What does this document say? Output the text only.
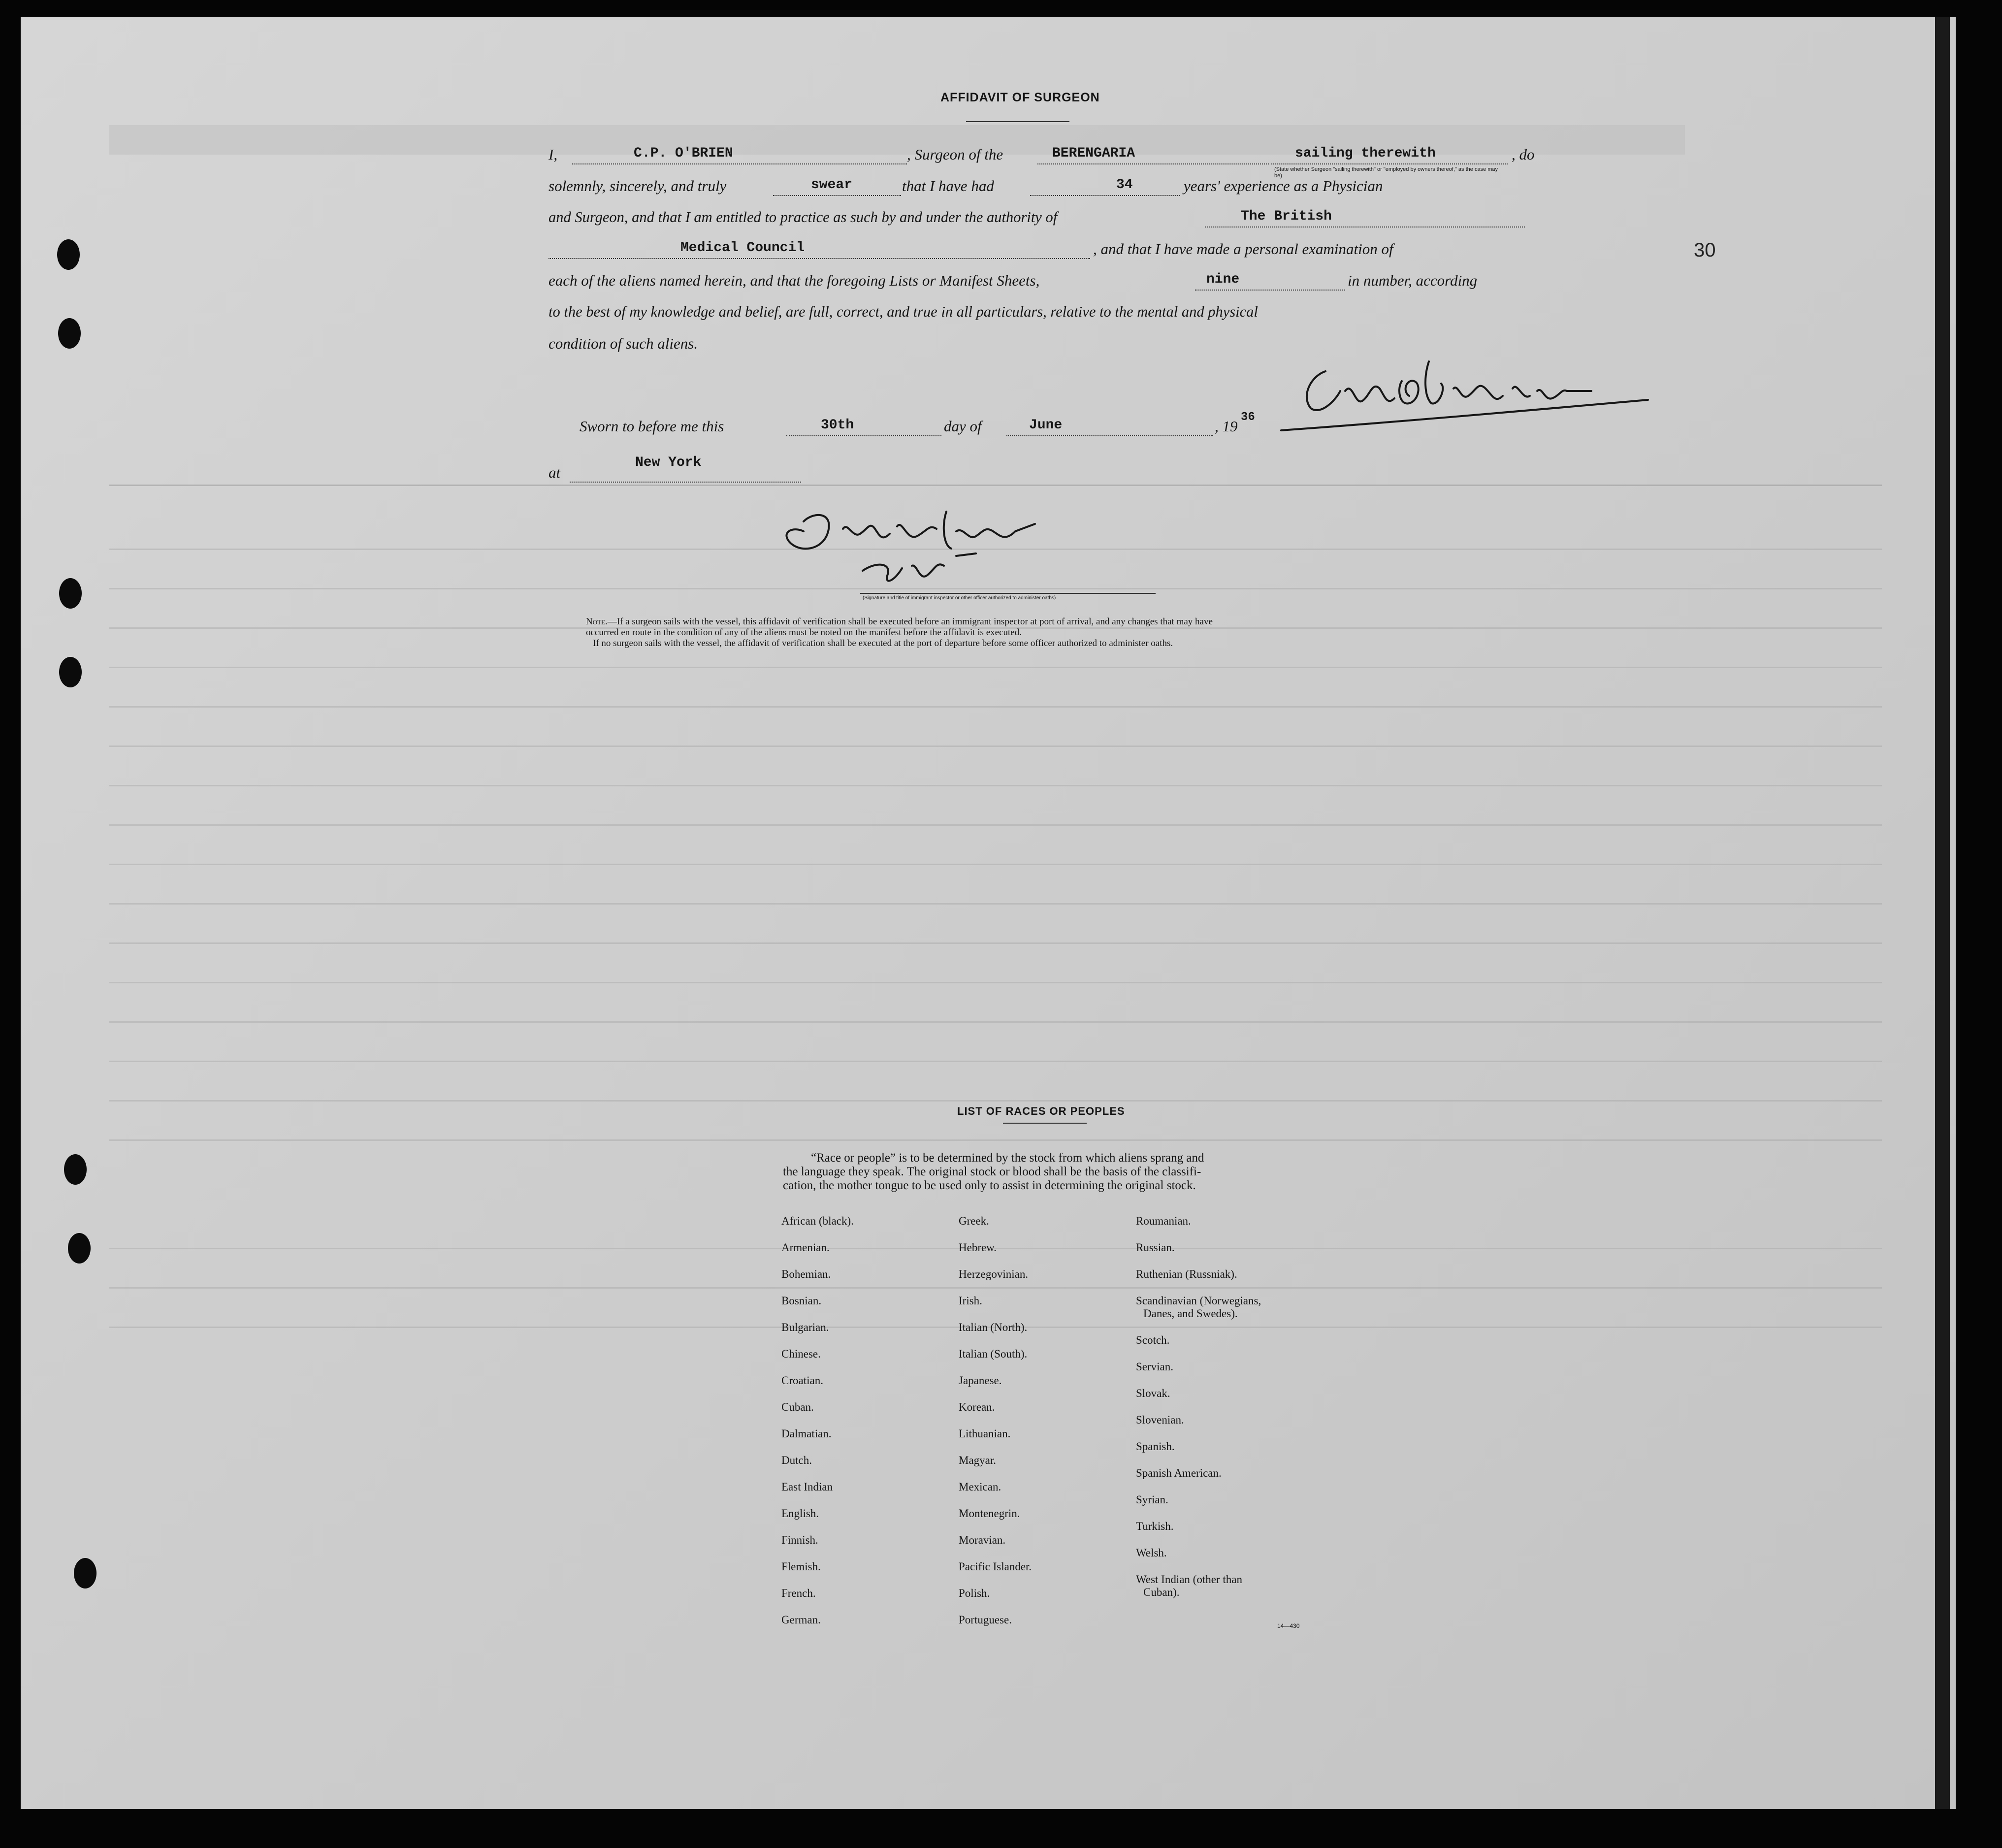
30
AFFIDAVIT OF SURGEON
I,	C.P. O'BRIEN	, Surgeon of the	BERENGARIA	sailing therewith	, do
(State whether Surgeon "sailing therewith" or "employed by owners thereof," as the case may be)
solemnly, sincerely, and truly	swear	that I have had	34	years' experience as a Physician
and Surgeon, and that I am entitled to practice as such by and under the authority of	The British
Medical Council	, and that I have made a personal examination of
each of the aliens named herein, and that the foregoing Lists or Manifest Sheets,	nine	in number, according
to the best of my knowledge and belief, are full, correct, and true in all particulars, relative to the mental and physical
condition of such aliens.
Sworn to before me this	30th	day of	June	, 19
36
at
New York
(Signature and title of immigrant inspector or other officer authorized to administer oaths)
Note.—If a surgeon sails with the vessel, this affidavit of verification shall be executed before an immigrant inspector at port of arrival, and any changes that may have
occurred en route in the condition of any of the aliens must be noted on the manifest before the affidavit is executed.
If no surgeon sails with the vessel, the affidavit of verification shall be executed at the port of departure before some officer authorized to administer oaths.
LIST OF RACES OR PEOPLES
“Race or people” is to be determined by the stock from which aliens sprang and
the language they speak. The original stock or blood shall be the basis of the classifi-
cation, the mother tongue to be used only to assist in determining the original stock.
African (black).
Armenian.
Bohemian.
Bosnian.
Bulgarian.
Chinese.
Croatian.
Cuban.
Dalmatian.
Dutch.
East Indian
English.
Finnish.
Flemish.
French.
German.
Greek.
Hebrew.
Herzegovinian.
Irish.
Italian (North).
Italian (South).
Japanese.
Korean.
Lithuanian.
Magyar.
Mexican.
Montenegrin.
Moravian.
Pacific Islander.
Polish.
Portuguese.
Roumanian.
Russian.
Ruthenian (Russniak).
Scandinavian (Norwegians,
Danes, and Swedes).
Scotch.
Servian.
Slovak.
Slovenian.
Spanish.
Spanish American.
Syrian.
Turkish.
Welsh.
West Indian (other than
Cuban).
14—430
